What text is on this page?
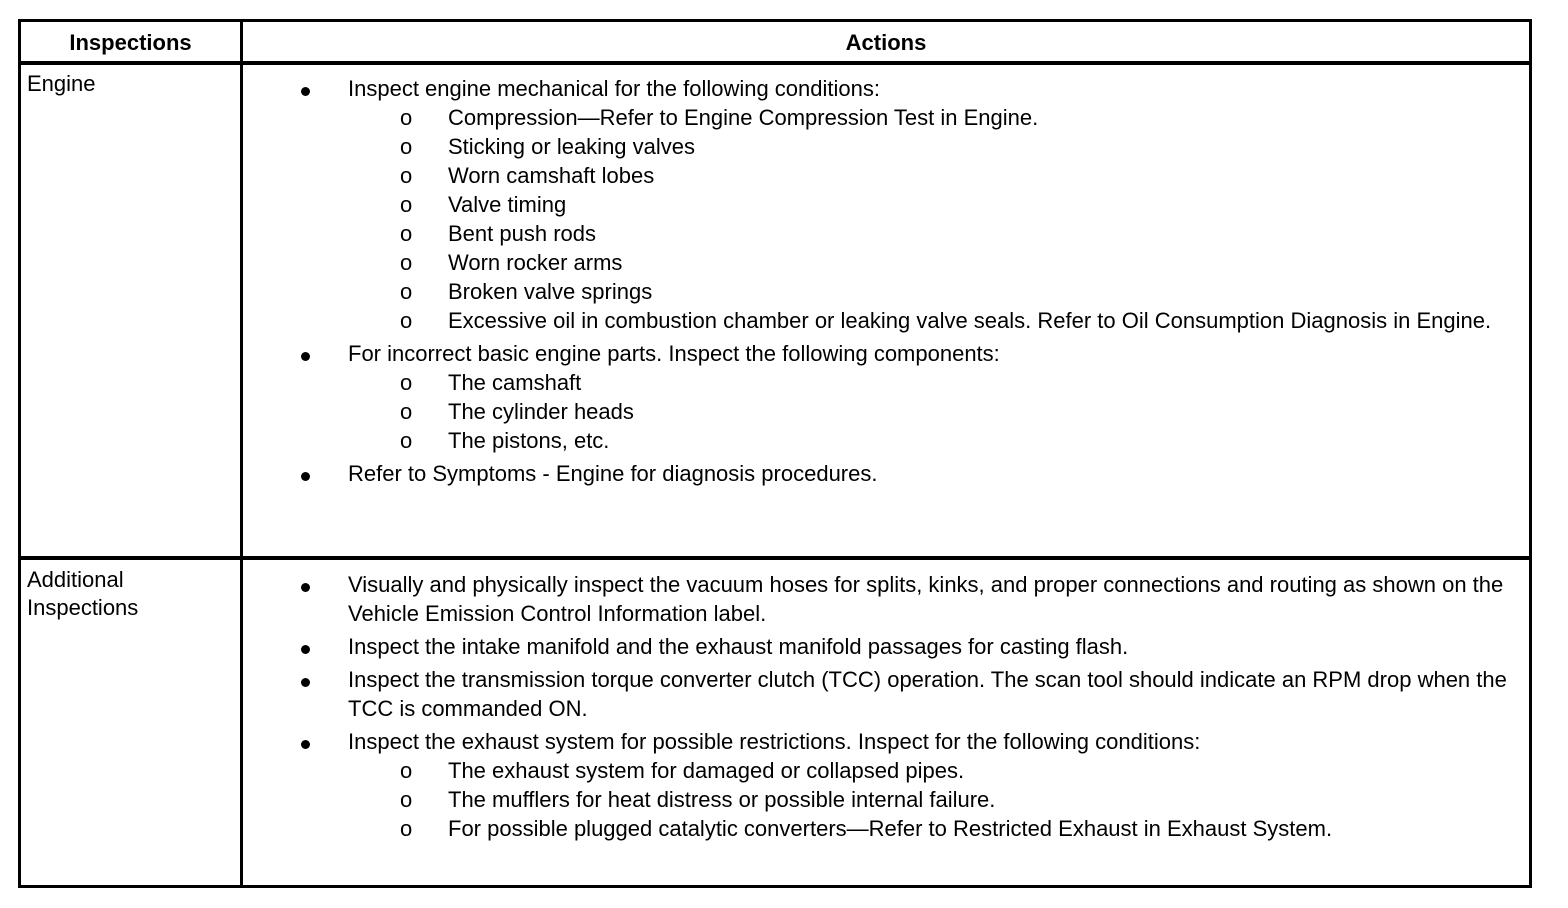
Inspections	Actions
Engine	Inspect engine mechanical for the following conditions:
o Compression—Refer to Engine Compression Test in Engine.
o Sticking or leaking valves
o Worn camshaft lobes
o Valve timing
o Bent push rods
o Worn rocker arms
o Broken valve springs
o Excessive oil in combustion chamber or leaking valve seals. Refer to Oil Consumption Diagnosis in Engine.
For incorrect basic engine parts. Inspect the following components:
o The camshaft
o The cylinder heads
o The pistons, etc.
Refer to Symptoms - Engine for diagnosis procedures.
Additional Inspections
Visually and physically inspect the vacuum hoses for splits, kinks, and proper connections and routing as shown on the Vehicle Emission Control Information label.
Inspect the intake manifold and the exhaust manifold passages for casting flash.
Inspect the transmission torque converter clutch (TCC) operation. The scan tool should indicate an RPM drop when the TCC is commanded ON.
Inspect the exhaust system for possible restrictions. Inspect for the following conditions:
o The exhaust system for damaged or collapsed pipes.
o The mufflers for heat distress or possible internal failure.
o For possible plugged catalytic converters—Refer to Restricted Exhaust in Exhaust System.
